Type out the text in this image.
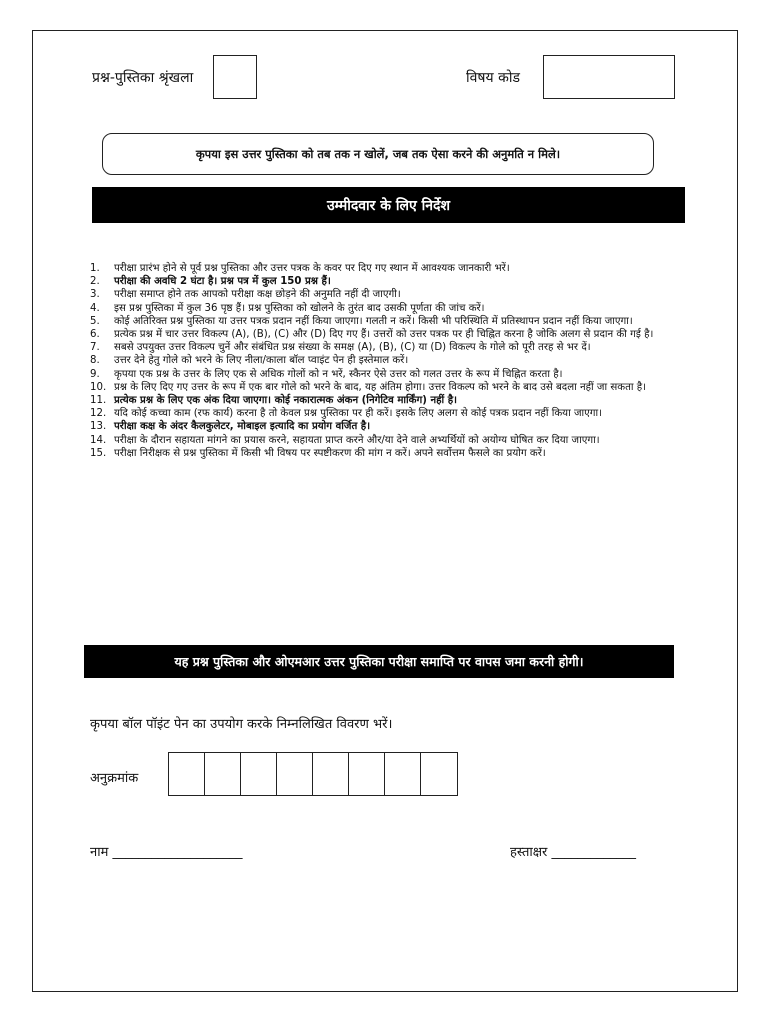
प्रश्न-पुस्तिका श्रृंखला	विषय कोड
कृपया इस उत्तर पुस्तिका को तब तक न खोलें, जब तक ऐसा करने की अनुमति न मिले।
उम्मीदवार के लिए निर्देश
1.	परीक्षा प्रारंभ होने से पूर्व प्रश्न पुस्तिका और उत्तर पत्रक के कवर पर दिए गए स्थान में आवश्यक जानकारी भरें।
2.	परीक्षा की अवधि 2 घंटा है। प्रश्न पत्र में कुल 150 प्रश्न हैं।
3.	परीक्षा समाप्त होने तक आपको परीक्षा कक्ष छोड़ने की अनुमति नहीं दी जाएगी।
4.	इस प्रश्न पुस्तिका में कुल 36 पृष्ठ हैं। प्रश्न पुस्तिका को खोलने के तुरंत बाद उसकी पूर्णता की जांच करें।
5.	कोई अतिरिक्त प्रश्न पुस्तिका या उत्तर पत्रक प्रदान नहीं किया जाएगा। गलती न करें। किसी भी परिस्थिति में प्रतिस्थापन प्रदान नहीं किया जाएगा।
6.	प्रत्येक प्रश्न में चार उत्तर विकल्प (A), (B), (C) और (D) दिए गए हैं। उत्तरों को उत्तर पत्रक पर ही चिह्नित करना है जोकि अलग से प्रदान की गई है।
7.	सबसे उपयुक्त उत्तर विकल्प चुनें और संबंधित प्रश्न संख्या के समक्ष (A), (B), (C) या (D) विकल्प के गोले को पूरी तरह से भर दें।
8.	उत्तर देने हेतु गोले को भरने के लिए नीला/काला बॉल प्वाइंट पेन ही इस्तेमाल करें।
9.	कृपया एक प्रश्न के उत्तर के लिए एक से अधिक गोलों को न भरें, स्कैनर ऐसे उत्तर को गलत उत्तर के रूप में चिह्नित करता है।
10. प्रश्न के लिए दिए गए उत्तर के रूप में एक बार गोले को भरने के बाद, यह अंतिम होगा। उत्तर विकल्प को भरने के बाद उसे बदला नहीं जा सकता है।
11. प्रत्येक प्रश्न के लिए एक अंक दिया जाएगा। कोई नकारात्मक अंकन (निगेटिव मार्किंग) नहीं है।
12. यदि कोई कच्चा काम (रफ कार्य) करना है तो केवल प्रश्न पुस्तिका पर ही करें। इसके लिए अलग से कोई पत्रक प्रदान नहीं किया जाएगा।
13. परीक्षा कक्ष के अंदर कैलकुलेटर, मोबाइल इत्यादि का प्रयोग वर्जित है।
14. परीक्षा के दौरान सहायता मांगने का प्रयास करने, सहायता प्राप्त करने और/या देने वाले अभ्यर्थियों को अयोग्य घोषित कर दिया जाएगा।
15. परीक्षा निरीक्षक से प्रश्न पुस्तिका में किसी भी विषय पर स्पष्टीकरण की मांग न करें। अपने सर्वोत्तम फैसले का प्रयोग करें।
यह प्रश्न पुस्तिका और ओएमआर उत्तर पुस्तिका परीक्षा समाप्ति पर वापस जमा करनी होगी।
कृपया बॉल पॉइंट पेन का उपयोग करके निम्नलिखित विवरण भरें।
अनुक्रमांक
नाम ____________________	हस्ताक्षर _____________
